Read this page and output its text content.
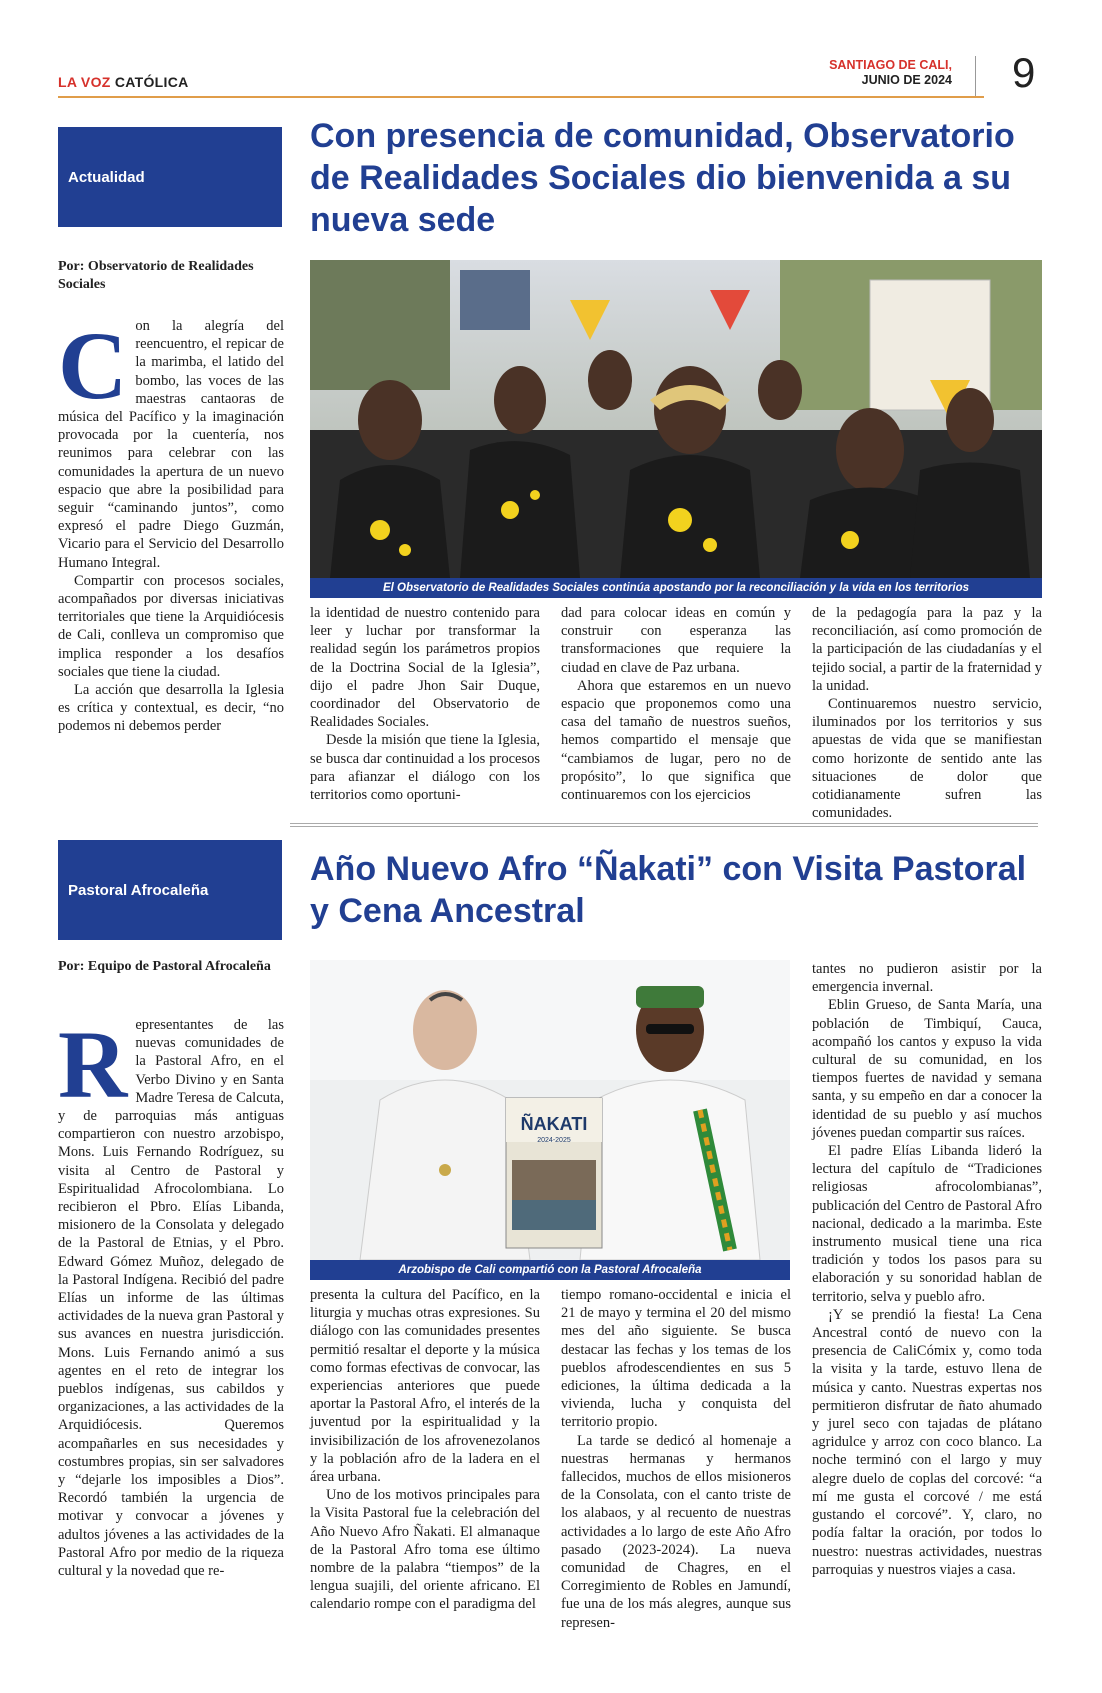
LA VOZ CATÓLICA
SANTIAGO DE CALI,
JUNIO DE 2024 9
Actualidad
Con presencia de comunidad, Observatorio de Realidades Sociales dio bienvenida a su nueva sede
Por: Observatorio de Realidades Sociales
El Observatorio de Realidades Sociales continúa apostando por la reconciliación y la vida en los territorios

Con la alegría del reencuentro, el repicar de la marimba, el latido del bombo, las voces de las maestras cantaoras de música del Pacífico y la imaginación provocada por la cuentería, nos reunimos para celebrar con las comunidades la apertura de un nuevo espacio que abre la posibilidad para seguir “caminando juntos”, como expresó el padre Diego Guzmán, Vicario para el Servicio del Desarrollo Humano Integral.

Compartir con procesos sociales, acompañados por diversas iniciativas territoriales que tiene la Arquidiócesis de Cali, conlleva un compromiso que implica responder a los desafíos sociales que tiene la ciudad.

La acción que desarrolla la Iglesia es crítica y contextual, es decir, “no podemos ni debemos perder

la identidad de nuestro contenido para leer y luchar por transformar la realidad según los parámetros propios de la Doctrina Social de la Iglesia”, dijo el padre Jhon Sair Duque, coordinador del Observatorio de Realidades Sociales.

Desde la misión que tiene la Iglesia, se busca dar continuidad a los procesos para afianzar el diálogo con los territorios como oportuni-

dad para colocar ideas en común y construir con esperanza las transformaciones que requiere la ciudad en clave de Paz urbana.

Ahora que estaremos en un nuevo espacio que proponemos como una casa del tamaño de nuestros sueños, hemos compartido el mensaje que “cambiamos de lugar, pero no de propósito”, lo que significa que continuaremos con los ejercicios

de la pedagogía para la paz y la reconciliación, así como promoción de la participación de las ciudadanías y el tejido social, a partir de la fraternidad y la unidad.

Continuaremos nuestro servicio, iluminados por los territorios y sus apuestas de vida que se manifiestan como horizonte de sentido ante las situaciones de dolor que cotidianamente sufren las comunidades.

Pastoral Afrocaleña
Año Nuevo Afro “Ñakati” con Visita Pastoral y Cena Ancestral
Por: Equipo de Pastoral Afrocaleña
ÑAKATI
2024-2025
Arzobispo de Cali compartió con la Pastoral Afrocaleña

Representantes de las nuevas comunidades de la Pastoral Afro, en el Verbo Divino y en Santa Madre Teresa de Calcuta, y de parroquias más antiguas compartieron con nuestro arzobispo, Mons. Luis Fernando Rodríguez, su visita al Centro de Pastoral y Espiritualidad Afrocolombiana. Lo recibieron el Pbro. Elías Libanda, misionero de la Consolata y delegado de la Pastoral de Etnias, y el Pbro. Edward Gómez Muñoz, delegado de la Pastoral Indígena. Recibió del padre Elías un informe de las últimas actividades de la nueva gran Pastoral y sus avances en nuestra jurisdicción. Mons. Luis Fernando animó a sus agentes en el reto de integrar los pueblos indígenas, sus cabildos y organizaciones, a las actividades de la Arquidiócesis. Queremos acompañarles en sus necesidades y costumbres propias, sin ser salvadores y “dejarle los imposibles a Dios”. Recordó también la urgencia de motivar y convocar a jóvenes y adultos jóvenes a las actividades de la Pastoral Afro por medio de la riqueza cultural y la novedad que re-

presenta la cultura del Pacífico, en la liturgia y muchas otras expresiones. Su diálogo con las comunidades presentes permitió resaltar el deporte y la música como formas efectivas de convocar, las experiencias anteriores que puede aportar la Pastoral Afro, el interés de la juventud por la espiritualidad y la invisibilización de los afrovenezolanos y la población afro de la ladera en el área urbana.

Uno de los motivos principales para la Visita Pastoral fue la celebración del Año Nuevo Afro Ñakati. El almanaque de la Pastoral Afro toma ese último nombre de la palabra “tiempos” de la lengua suajili, del oriente africano. El calendario rompe con el paradigma del

tiempo romano-occidental e inicia el 21 de mayo y termina el 20 del mismo mes del año siguiente. Se busca destacar las fechas y los temas de los pueblos afrodescendientes en sus 5 ediciones, la última dedicada a la vivienda, lucha y conquista del territorio propio.

La tarde se dedicó al homenaje a nuestras hermanas y hermanos fallecidos, muchos de ellos misioneros de la Consolata, con el canto triste de los alabaos, y al recuento de nuestras actividades a lo largo de este Año Afro pasado (2023-2024). La nueva comunidad de Chagres, en el Corregimiento de Robles en Jamundí, fue una de los más alegres, aunque sus represen-

tantes no pudieron asistir por la emergencia invernal.

Eblin Grueso, de Santa María, una población de Timbiquí, Cauca, acompañó los cantos y expuso la vida cultural de su comunidad, en los tiempos fuertes de navidad y semana santa, y su empeño en dar a conocer la identidad de su pueblo y así muchos jóvenes puedan compartir sus raíces.

El padre Elías Libanda lideró la lectura del capítulo de “Tradiciones religiosas afrocolombianas”, publicación del Centro de Pastoral Afro nacional, dedicado a la marimba. Este instrumento musical tiene una rica tradición y todos los pasos para su elaboración y su sonoridad hablan de territorio, selva y pueblo afro.

¡Y se prendió la fiesta! La Cena Ancestral contó de nuevo con la presencia de CaliCómix y, como toda la visita y la tarde, estuvo llena de música y canto. Nuestras expertas nos permitieron disfrutar de ñato ahumado y jurel seco con tajadas de plátano agridulce y arroz con coco blanco. La noche terminó con el largo y muy alegre duelo de coplas del corcové: “a mí me gusta el corcové / me está gustando el corcové”. Y, claro, no podía faltar la oración, por todos lo nuestro: nuestras actividades, nuestras parroquias y nuestros viajes a casa.
